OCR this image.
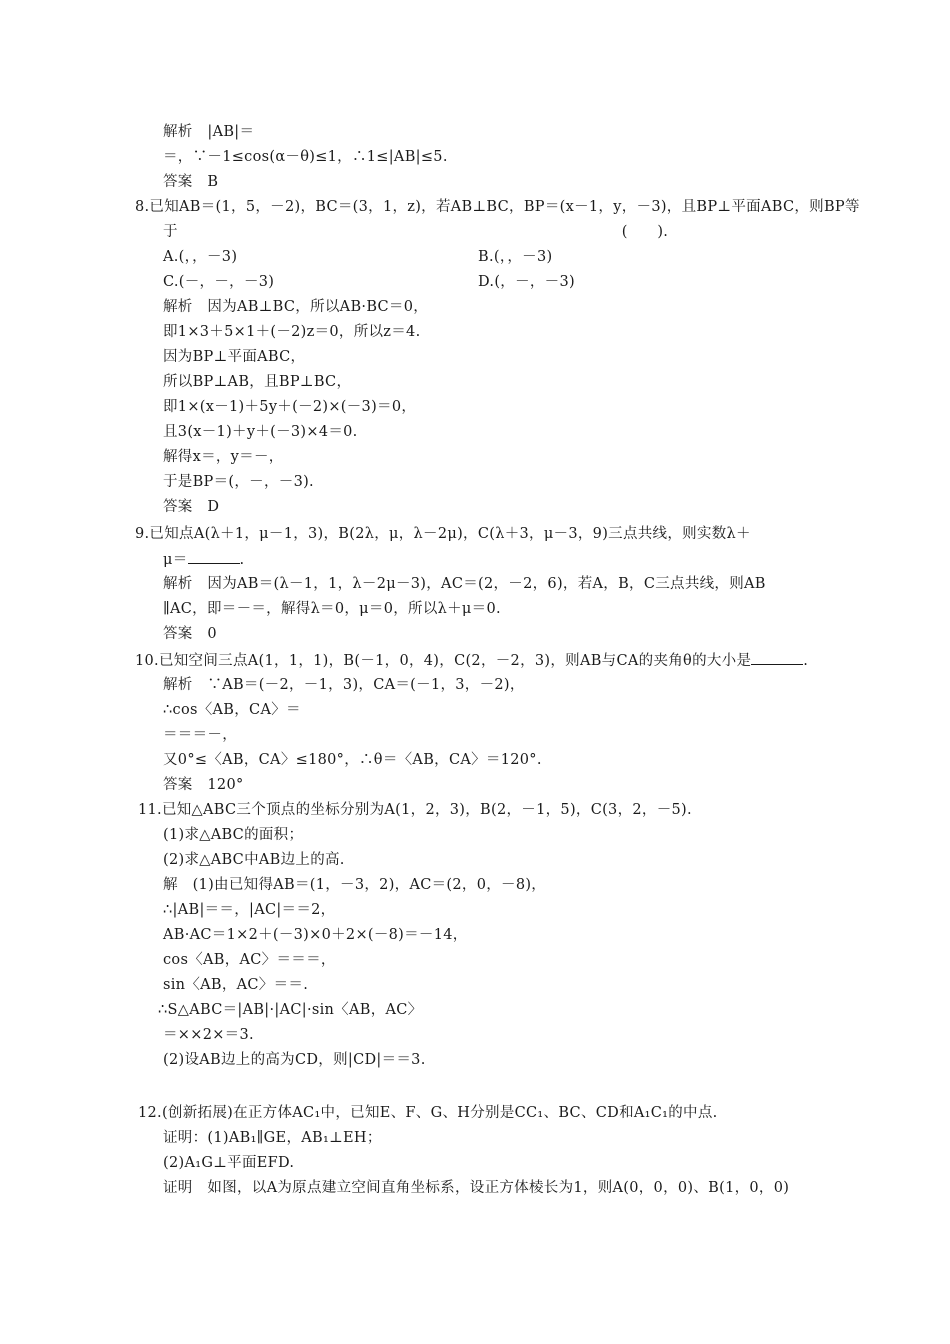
解析　|AB|＝

＝，∵－1≤cos(α－θ)≤1，∴1≤|AB|≤5.

答案　B

8.已知AB＝(1，5，－2)，BC＝(3，1，z)，若AB⊥BC，BP＝(x－1，y，－3)，且BP⊥平面ABC，则BP等

于　　　　　　　　　　　　　　　　　　　　　　　　　　　　　　(　　).

A.(，，－3)	B.(，，－3)

C.(－，－，－3)	D.(，－，－3)

解析　因为AB⊥BC，所以AB·BC＝0，

即1×3＋5×1＋(－2)z＝0，所以z＝4.

因为BP⊥平面ABC，

所以BP⊥AB，且BP⊥BC，

即1×(x－1)＋5y＋(－2)×(－3)＝0，

且3(x－1)＋y＋(－3)×4＝0.

解得x＝，y＝－，

于是BP＝(，－，－3).

答案　D

9.已知点A(λ＋1，μ－1，3)，B(2λ，μ，λ－2μ)，C(λ＋3，μ－3，9)三点共线，则实数λ＋

μ＝	.

解析　因为AB＝(λ－1，1，λ－2μ－3)，AC＝(2，－2，6)，若A，B，C三点共线，则AB

∥AC，即＝－＝，解得λ＝0，μ＝0，所以λ＋μ＝0.

答案　0

10.已知空间三点A(1，1，1)，B(－1，0，4)，C(2，－2，3)，则AB与CA的夹角θ的大小是	.

解析　∵AB＝(－2，－1，3)，CA＝(－1，3，－2)，

∴cos〈AB，CA〉＝

＝＝＝－，

又0°≤〈AB，CA〉≤180°，∴θ＝〈AB，CA〉＝120°.

答案　120°

11.已知△ABC三个顶点的坐标分别为A(1，2，3)，B(2，－1，5)，C(3，2，－5).

(1)求△ABC的面积；

(2)求△ABC中AB边上的高.

解　(1)由已知得AB＝(1，－3，2)，AC＝(2，0，－8)，

∴|AB|＝＝，|AC|＝＝2，

AB·AC＝1×2＋(－3)×0＋2×(－8)＝－14，

cos〈AB，AC〉＝＝＝，

sin〈AB，AC〉＝＝.

∴S△ABC＝|AB|·|AC|·sin〈AB，AC〉

＝××2×＝3.

(2)设AB边上的高为CD，则|CD|＝＝3.

12.(创新拓展)在正方体AC₁中，已知E、F、G、H分别是CC₁、BC、CD和A₁C₁的中点.

证明：(1)AB₁∥GE，AB₁⊥EH；

(2)A₁G⊥平面EFD.

证明　如图，以A为原点建立空间直角坐标系，设正方体棱长为1，则A(0，0，0)、B(1，0，0)
